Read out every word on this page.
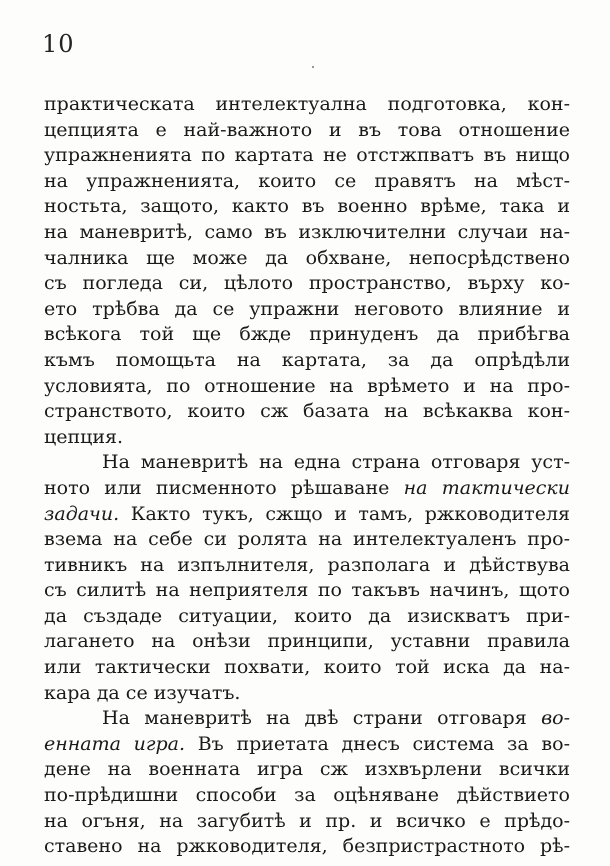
10
практическата интелектуална подготовка, кон-
цепцията е най-важното и въ това отношение
упражненията по картата не отстжпватъ въ нищо
на упражненията, които се правятъ на мѣст-
ностьта, защото, както въ военно врѣме, така и
на маневритѣ, само въ изключителни случаи на-
чалника ще може да обхване, непосрѣдствено
съ погледа си, цѣлото пространство, върху ко-
ето трѣбва да се упражни неговото влияние и
всѣкога той ще бжде принуденъ да прибѣгва
къмъ помощьта на картата, за да опрѣдѣли
условията, по отношение на врѣмето и на про-
странството, които сж базата на всѣкаква кон-
цепция.
На маневритѣ на една страна отговаря уст-
ното или писменното рѣшаване на тактически
задачи. Както тукъ, сжщо и тамъ, ржководителя
взема на себе си ролята на интелектуаленъ про-
тивникъ на изпълнителя, разполага и дѣйствува
съ силитѣ на неприятеля по такъвъ начинъ, щото
да създаде ситуации, които да изискватъ при-
лагането на онѣзи принципи, уставни правила
или тактически похвати, които той иска да на-
кара да се изучатъ.
На маневритѣ на двѣ страни отговаря во-
енната игра. Въ приетата днесъ система за во-
дене на военната игра сж изхвърлени всички
по-прѣдишни способи за оцѣняване дѣйствието
на огъня, на загубитѣ и пр. и всичко е прѣдо-
ставено на ржководителя, безпристрастното рѣ-
